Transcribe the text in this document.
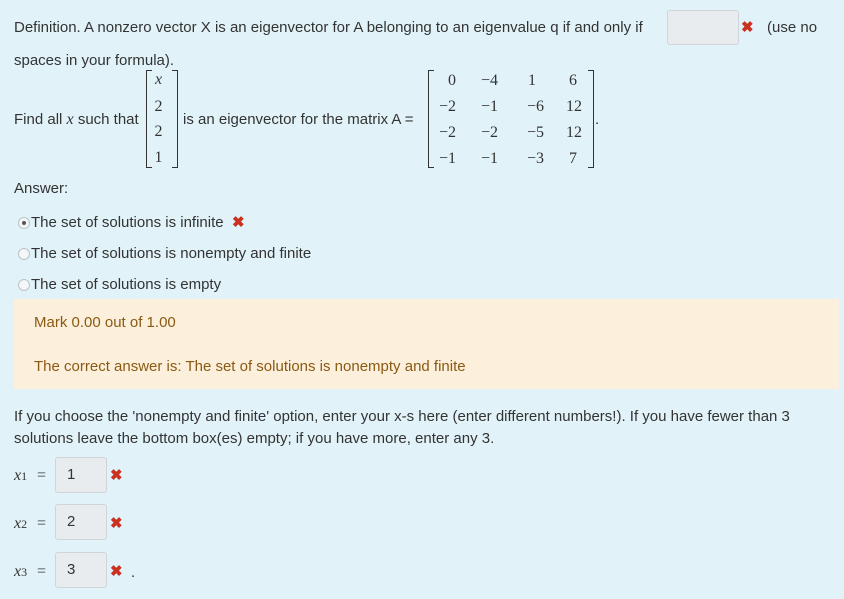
Definition. A nonzero vector X is an eigenvector for A belonging to an eigenvalue q if and only if	✖ (use no
spaces in your formula).
Find all x such that
x
2
2
1
is an eigenvector for the matrix A =
0	−4	1	6
−2	−1	−6	12
−2	−2	−5	12
−1	−1	−3	7
.
Answer:
The set of solutions is infinite ✖
The set of solutions is nonempty and finite
The set of solutions is empty
Mark 0.00 out of 1.00
The correct answer is: The set of solutions is nonempty and finite
If you choose the 'nonempty and finite' option, enter your x-s here (enter different numbers!). If you have fewer than 3
solutions leave the bottom box(es) empty; if you have more, enter any 3.
x1 =	1	✖
x2 =	2	✖
x3 =	3	✖ .
